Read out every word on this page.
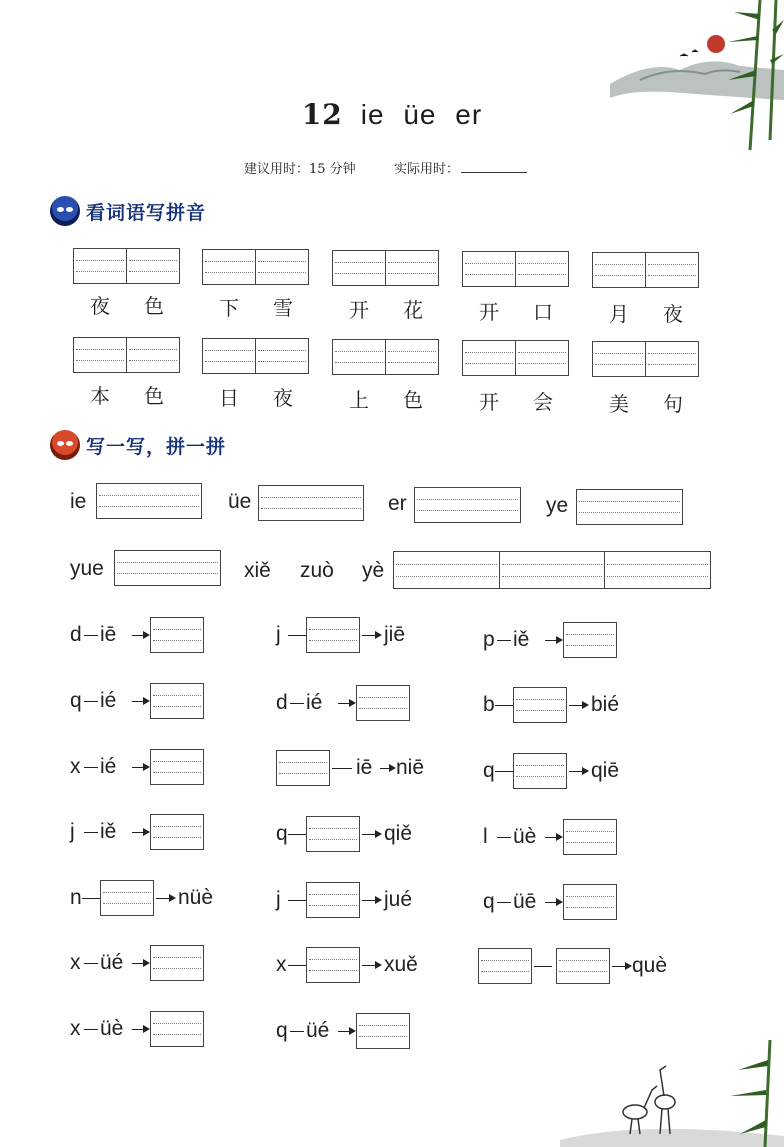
12 ie üe er
建议用时：15 分钟	实际用时：
看词语写拼音
夜 色	下 雪	开 花	开 口	月 夜
本 色	日 夜	上 色	开 会	美 句
写一写，拼一拼
ie	üe	er	ye
yue	xiě zuò yè
d iē	j	jiē	p iě
q ié	d ié	b	bié
x ié	iē niē	q	qiē
j iě	q	qiě	l üè
n	nüè	j	jué	q üē
x üé	x	xuě	què
x üè	q üé
